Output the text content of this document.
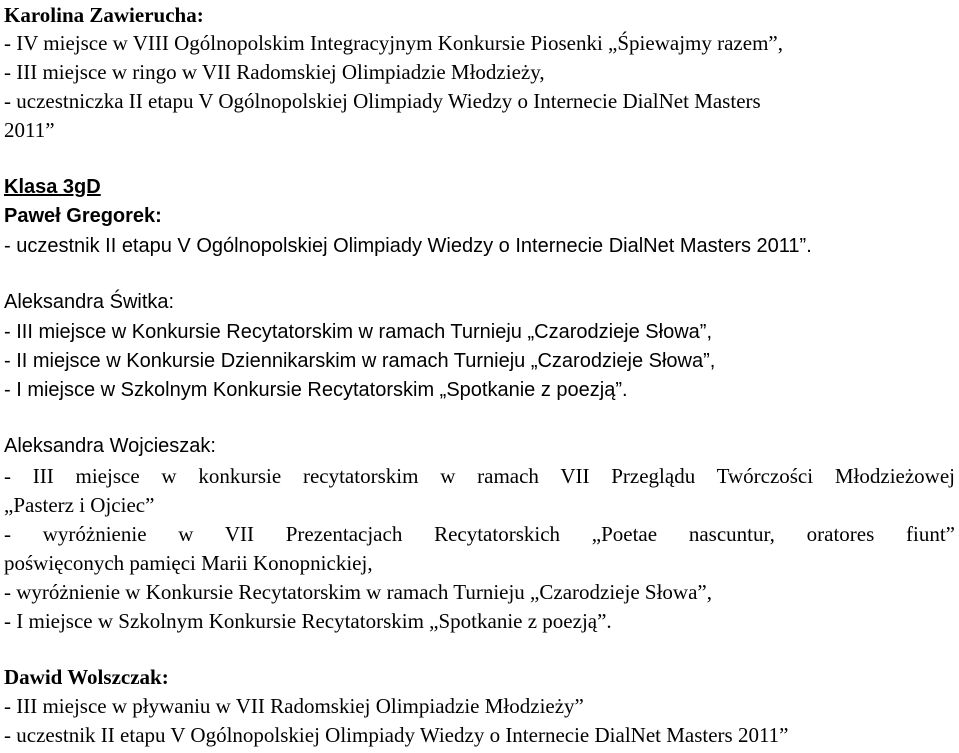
Karolina Zawierucha:
- IV miejsce w VIII Ogólnopolskim Integracyjnym Konkursie Piosenki „Śpiewajmy razem”,
- III miejsce w ringo w VII Radomskiej Olimpiadzie Młodzieży,
- uczestniczka II etapu V Ogólnopolskiej Olimpiady Wiedzy o Internecie DialNet Masters
2011”
Klasa 3gD
Paweł Gregorek:
- uczestnik II etapu V Ogólnopolskiej Olimpiady Wiedzy o Internecie DialNet Masters 2011”.
Aleksandra Świtka:
- III miejsce w Konkursie Recytatorskim w ramach Turnieju „Czarodzieje Słowa”,
- II miejsce w Konkursie Dziennikarskim w ramach Turnieju „Czarodzieje Słowa”,
- I miejsce w Szkolnym Konkursie Recytatorskim „Spotkanie z poezją”.
Aleksandra Wojcieszak:
- III miejsce w konkursie recytatorskim w ramach VII Przeglądu Twórczości Młodzieżowej
„Pasterz i Ojciec”
- wyróżnienie w VII Prezentacjach Recytatorskich „Poetae nascuntur, oratores fiunt”
poświęconych pamięci Marii Konopnickiej,
- wyróżnienie w Konkursie Recytatorskim w ramach Turnieju „Czarodzieje Słowa”,
- I miejsce w Szkolnym Konkursie Recytatorskim „Spotkanie z poezją”.
Dawid Wolszczak:
- III miejsce w pływaniu w VII Radomskiej Olimpiadzie Młodzieży”
- uczestnik II etapu V Ogólnopolskiej Olimpiady Wiedzy o Internecie DialNet Masters 2011”
